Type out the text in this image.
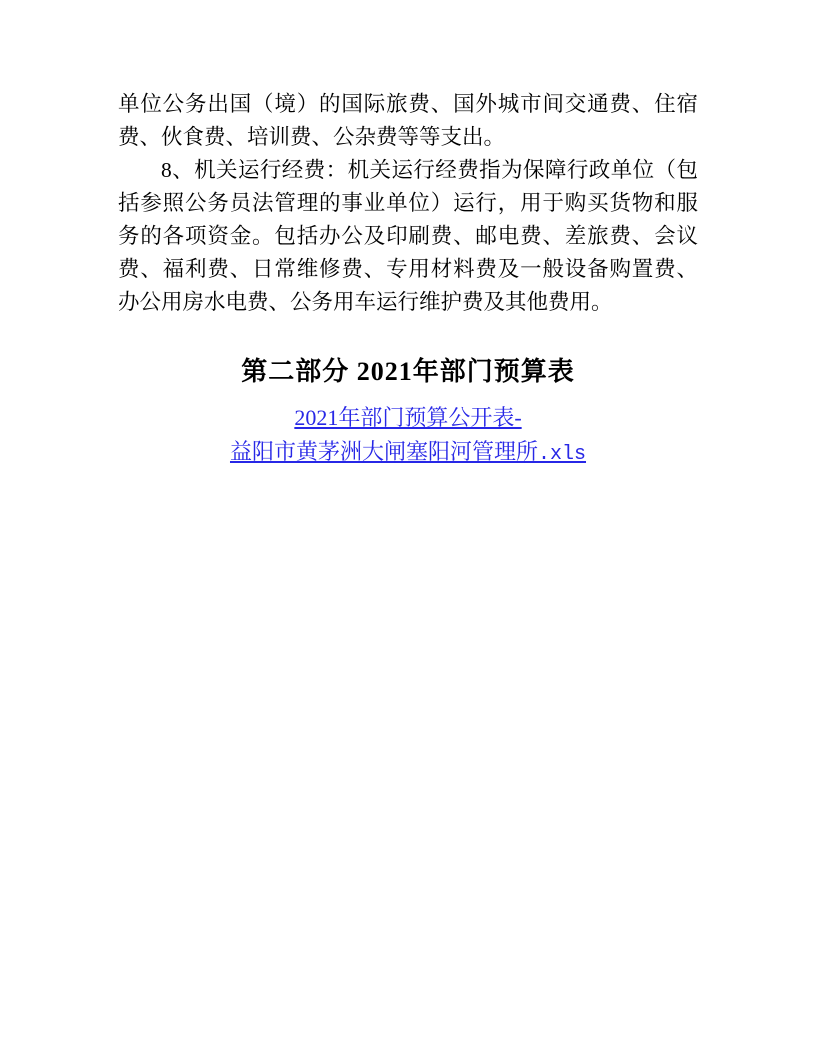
单位公务出国（境）的国际旅费、国外城市间交通费、住宿费、伙食费、培训费、公杂费等等支出。

8、机关运行经费：机关运行经费指为保障行政单位（包括参照公务员法管理的事业单位）运行，用于购买货物和服务的各项资金。包括办公及印刷费、邮电费、差旅费、会议费、福利费、日常维修费、专用材料费及一般设备购置费、办公用房水电费、公务用车运行维护费及其他费用。

第二部分 2021年部门预算表
2021年部门预算公开表-
益阳市黄茅洲大闸塞阳河管理所.xls
